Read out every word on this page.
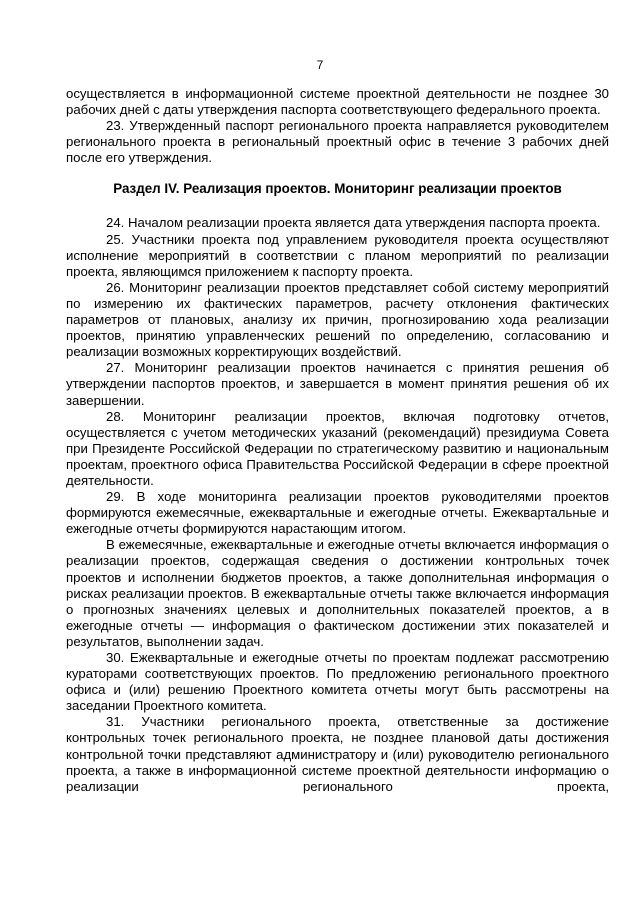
7

осуществляется в информационной системе проектной деятельности не позднее 30 рабочих дней с даты утверждения паспорта соответствующего федерального проекта.

23. Утвержденный паспорт регионального проекта направляется руководителем регионального проекта в региональный проектный офис в течение 3 рабочих дней после его утверждения.

Раздел IV. Реализация проектов. Мониторинг реализации проектов

24. Началом реализации проекта является дата утверждения паспорта проекта.

25. Участники проекта под управлением руководителя проекта осуществляют исполнение мероприятий в соответствии с планом мероприятий по реализации проекта, являющимся приложением к паспорту проекта.

26. Мониторинг реализации проектов представляет собой систему мероприятий по измерению их фактических параметров, расчету отклонения фактических параметров от плановых, анализу их причин, прогнозированию хода реализации проектов, принятию управленческих решений по определению, согласованию и реализации возможных корректирующих воздействий.

27. Мониторинг реализации проектов начинается с принятия решения об утверждении паспортов проектов, и завершается в момент принятия решения об их завершении.

28. Мониторинг реализации проектов, включая подготовку отчетов, осуществляется с учетом методических указаний (рекомендаций) президиума Совета при Президенте Российской Федерации по стратегическому развитию и национальным проектам, проектного офиса Правительства Российской Федерации в сфере проектной деятельности.

29. В ходе мониторинга реализации проектов руководителями проектов формируются ежемесячные, ежеквартальные и ежегодные отчеты. Ежеквартальные и ежегодные отчеты формируются нарастающим итогом.

В ежемесячные, ежеквартальные и ежегодные отчеты включается информация о реализации проектов, содержащая сведения о достижении контрольных точек проектов и исполнении бюджетов проектов, а также дополнительная информация о рисках реализации проектов. В ежеквартальные отчеты также включается информация о прогнозных значениях целевых и дополнительных показателей проектов, а в ежегодные отчеты — информация о фактическом достижении этих показателей и результатов, выполнении задач.

30. Ежеквартальные и ежегодные отчеты по проектам подлежат рассмотрению кураторами соответствующих проектов. По предложению регионального проектного офиса и (или) решению Проектного комитета отчеты могут быть рассмотрены на заседании Проектного комитета.

31. Участники регионального проекта, ответственные за достижение контрольных точек регионального проекта, не позднее плановой даты достижения контрольной точки представляют администратору и (или) руководителю регионального проекта, а также в информационной системе проектной деятельности информацию о реализации регионального проекта,
